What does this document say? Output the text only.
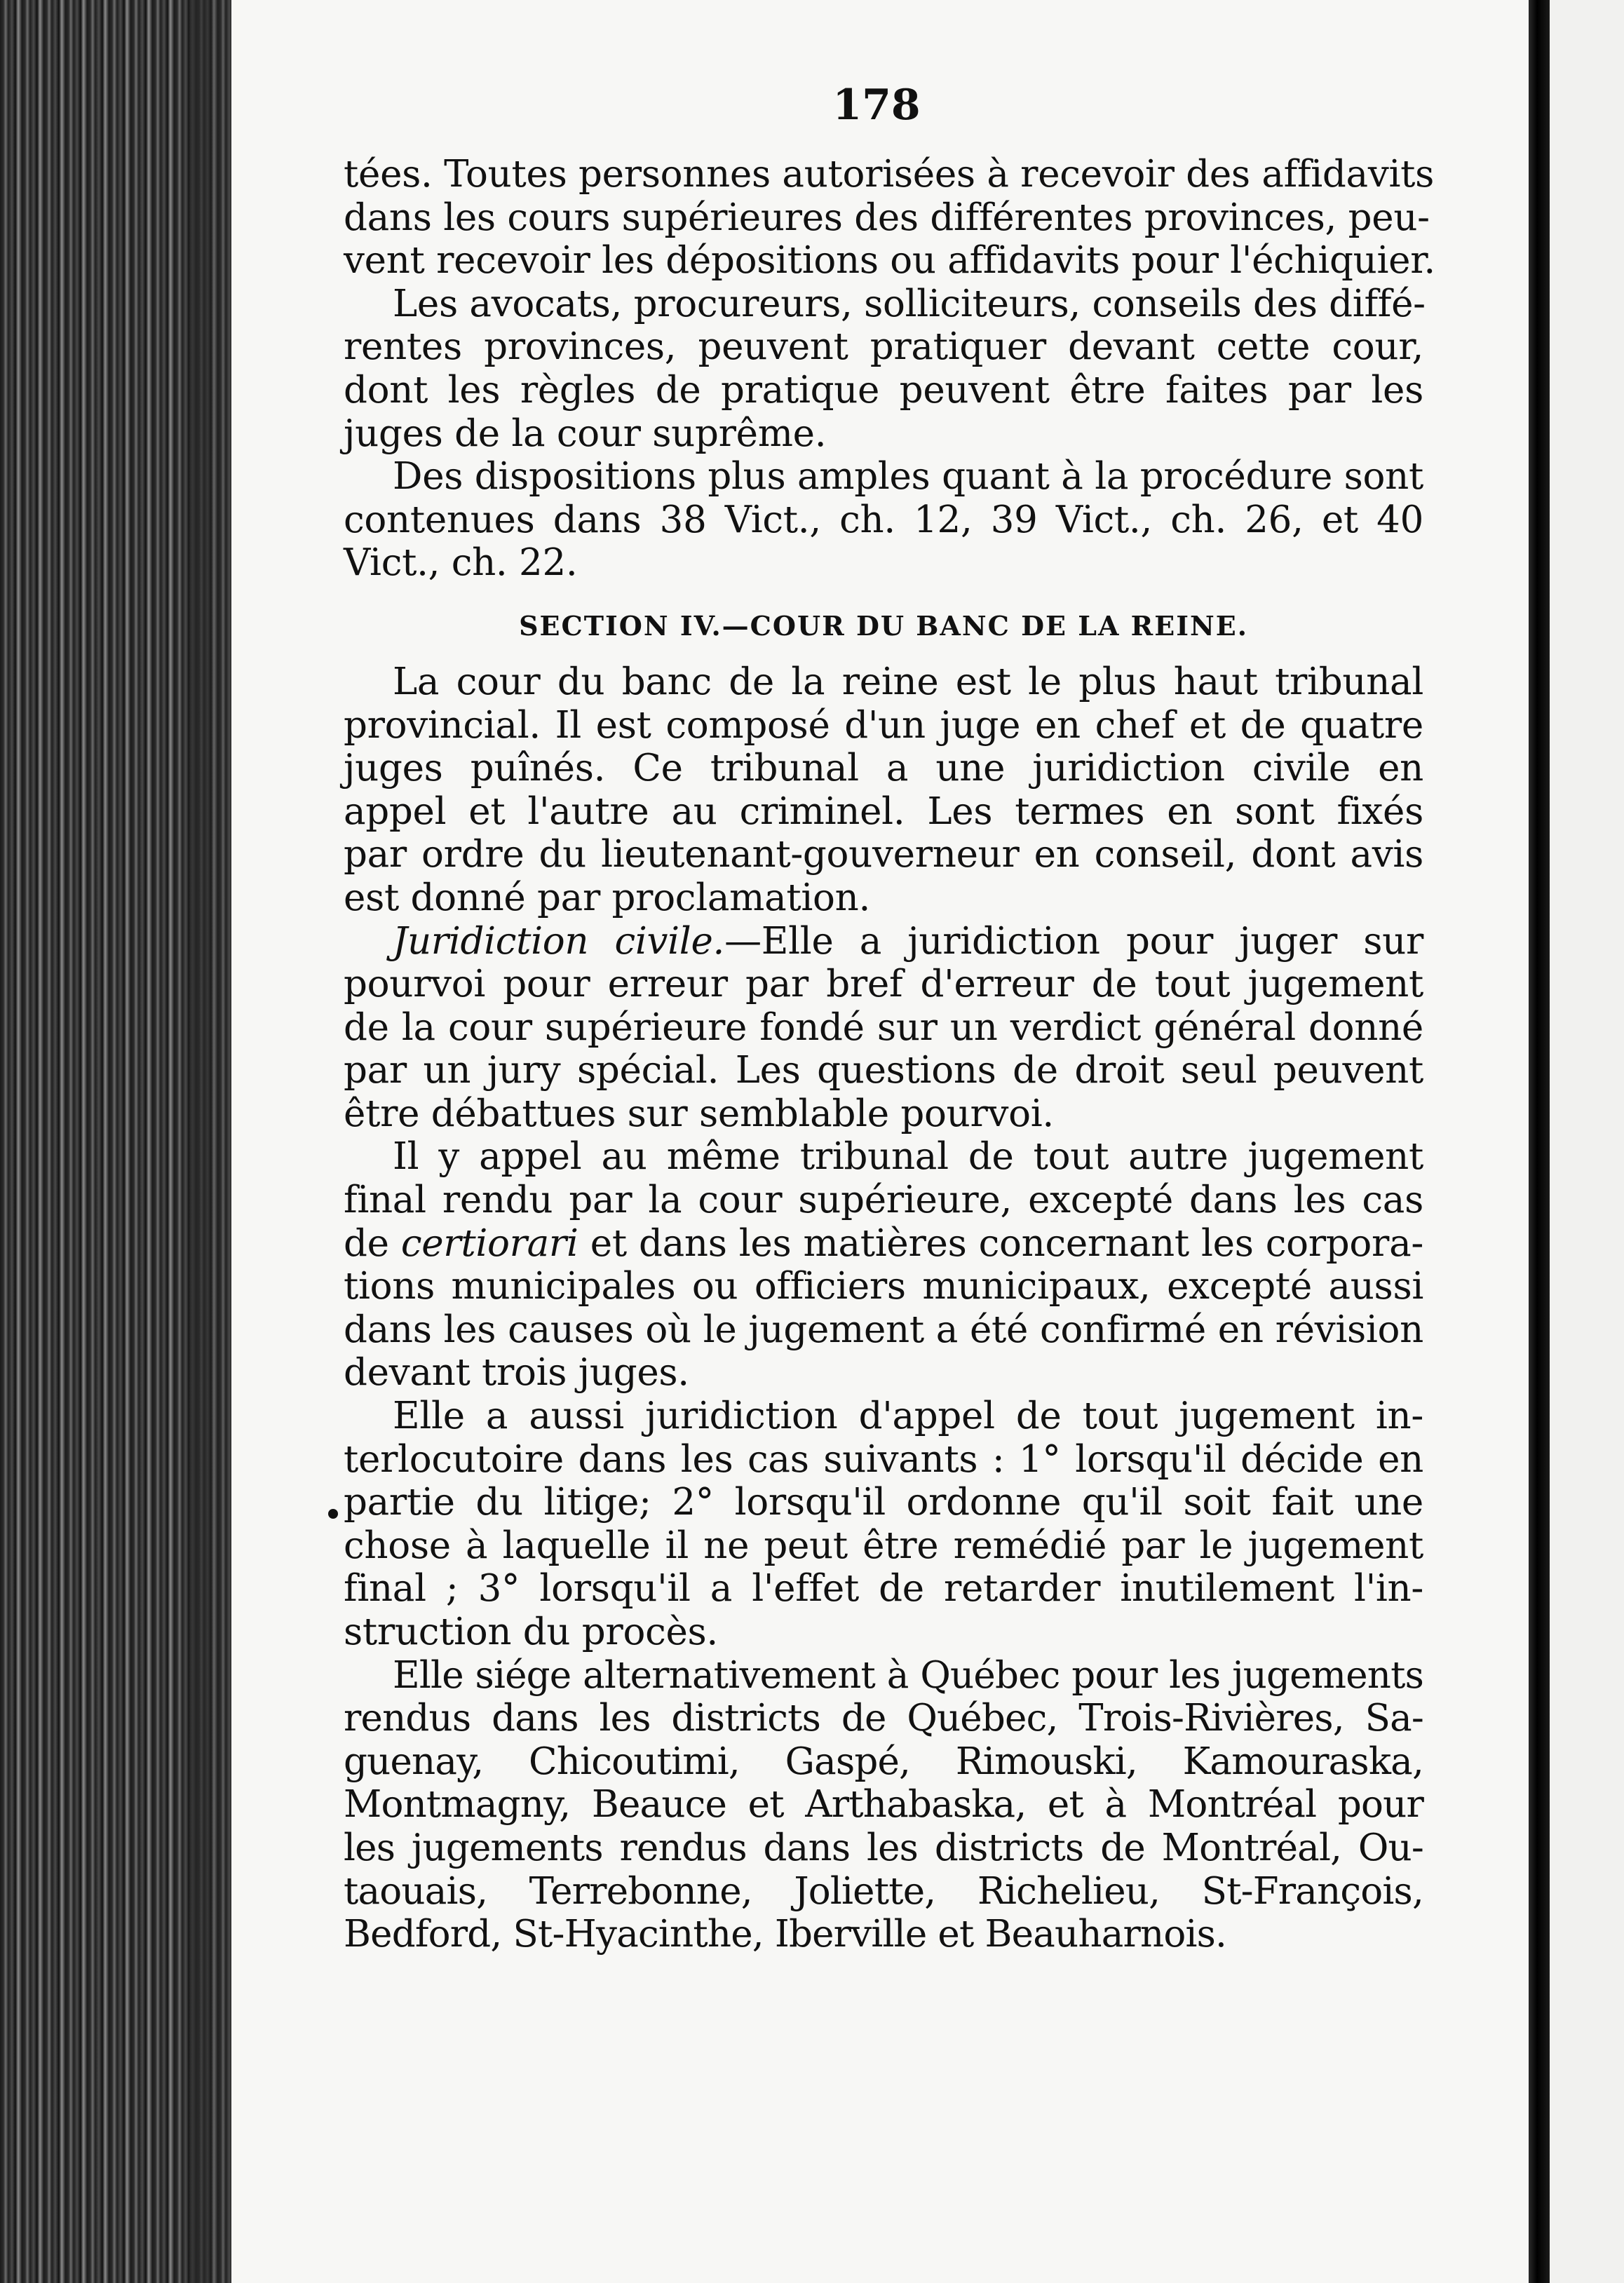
178
tées. Toutes personnes autorisées à recevoir des affidavits
dans les cours supérieures des différentes provinces, peu-
vent recevoir les dépositions ou affidavits pour l'échiquier.
Les avocats, procureurs, solliciteurs, conseils des diffé-
rentes provinces, peuvent pratiquer devant cette cour,
dont les règles de pratique peuvent être faites par les
juges de la cour suprême.
Des dispositions plus amples quant à la procédure sont
contenues dans 38 Vict., ch. 12, 39 Vict., ch. 26, et 40
Vict., ch. 22.
SECTION IV.—COUR DU BANC DE LA REINE.
La cour du banc de la reine est le plus haut tribunal
provincial. Il est composé d'un juge en chef et de quatre
juges puînés. Ce tribunal a une juridiction civile en
appel et l'autre au criminel. Les termes en sont fixés
par ordre du lieutenant-gouverneur en conseil, dont avis
est donné par proclamation.
Juridiction civile.—Elle a juridiction pour juger sur
pourvoi pour erreur par bref d'erreur de tout jugement
de la cour supérieure fondé sur un verdict général donné
par un jury spécial. Les questions de droit seul peuvent
être débattues sur semblable pourvoi.
Il y appel au même tribunal de tout autre jugement
final rendu par la cour supérieure, excepté dans les cas
de certiorari et dans les matières concernant les corpora-
tions municipales ou officiers municipaux, excepté aussi
dans les causes où le jugement a été confirmé en révision
devant trois juges.
Elle a aussi juridiction d'appel de tout jugement in-
terlocutoire dans les cas suivants : 1° lorsqu'il décide en
partie du litige; 2° lorsqu'il ordonne qu'il soit fait une
chose à laquelle il ne peut être remédié par le jugement
final ; 3° lorsqu'il a l'effet de retarder inutilement l'in-
struction du procès.
Elle siége alternativement à Québec pour les jugements
rendus dans les districts de Québec, Trois-Rivières, Sa-
guenay, Chicoutimi, Gaspé, Rimouski, Kamouraska,
Montmagny, Beauce et Arthabaska, et à Montréal pour
les jugements rendus dans les districts de Montréal, Ou-
taouais, Terrebonne, Joliette, Richelieu, St-François,
Bedford, St-Hyacinthe, Iberville et Beauharnois.
